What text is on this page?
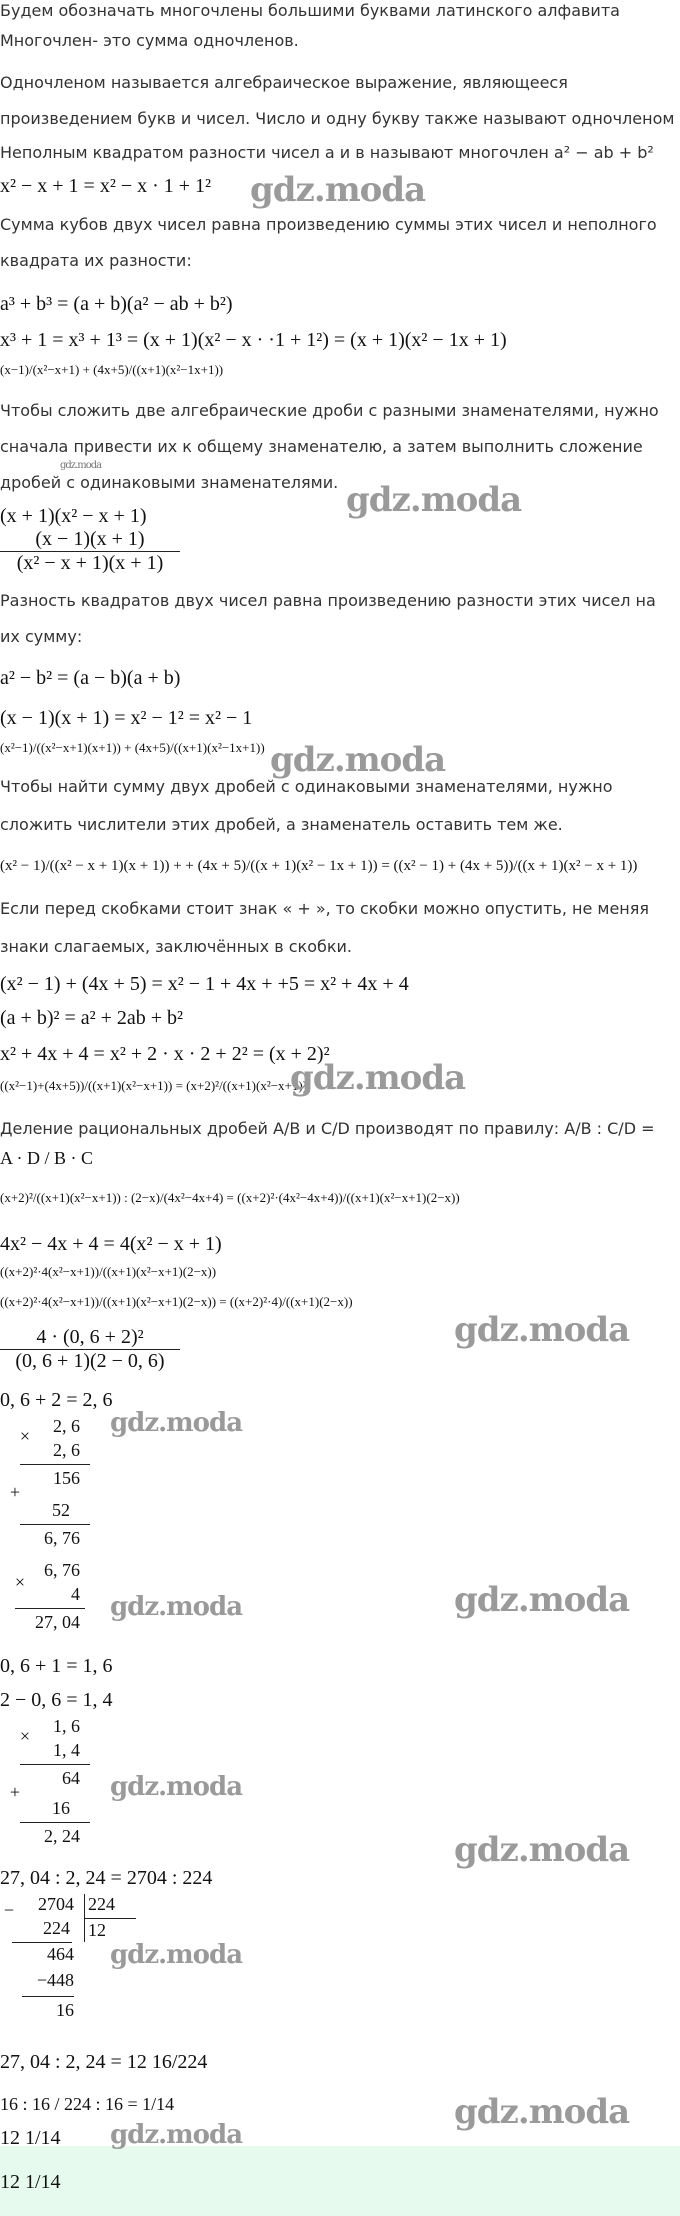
Будем обозначать многочлены большими буквами латинского алфавита
Многочлен- это сумма одночленов.
Одночленом называется алгебраическое выражение, являющееся
произведением букв и чисел. Число и одну букву также называют одночленом
Неполным квадратом разности чисел а и в называют многочлен a² − ab + b²
x² − x + 1 = x² − x · 1 + 1²
Сумма кубов двух чисел равна произведению суммы этих чисел и неполного
квадрата их разности:
a³ + b³ = (a + b)(a² − ab + b²)
x³ + 1 = x³ + 1³ = (x + 1)(x² − x · ·1 + 1²) = (x + 1)(x² − 1x + 1)
(x−1)/(x²−x+1) + (4x+5)/((x+1)(x²−1x+1))
Чтобы сложить две алгебраические дроби с разными знаменателями, нужно
сначала привести их к общему знаменателю, а затем выполнить сложение
дробей с одинаковыми знаменателями.
(x + 1)(x² − x + 1)
(x − 1)(x + 1)
(x² − x + 1)(x + 1)
Разность квадратов двух чисел равна произведению разности этих чисел на
их сумму:
a² − b² = (a − b)(a + b)
(x − 1)(x + 1) = x² − 1² = x² − 1
(x²−1)/((x²−x+1)(x+1)) + (4x+5)/((x+1)(x²−1x+1))
Чтобы найти сумму двух дробей с одинаковыми знаменателями, нужно
сложить числители этих дробей, а знаменатель оставить тем же.
(x² − 1)/((x² − x + 1)(x + 1)) + + (4x + 5)/((x + 1)(x² − 1x + 1)) = ((x² − 1) + (4x + 5))/((x + 1)(x² − x + 1))
Если перед скобками стоит знак « + », то скобки можно опустить, не меняя
знаки слагаемых, заключённых в скобки.
(x² − 1) + (4x + 5) = x² − 1 + 4x + +5 = x² + 4x + 4
(a + b)² = a² + 2ab + b²
x² + 4x + 4 = x² + 2 · x · 2 + 2² = (x + 2)²
((x²−1)+(4x+5))/((x+1)(x²−x+1)) = (x+2)²/((x+1)(x²−x+1))
Деление рациональных дробей A/B и C/D производят по правилу: A/B : C/D =
A · D / B · C
(x+2)²/((x+1)(x²−x+1)) : (2−x)/(4x²−4x+4) = ((x+2)²·(4x²−4x+4))/((x+1)(x²−x+1)(2−x))
4x² − 4x + 4 = 4(x² − x + 1)
((x+2)²·4(x²−x+1))/((x+1)(x²−x+1)(2−x))
((x+2)²·4(x²−x+1))/((x+1)(x²−x+1)(2−x)) = ((x+2)²·4)/((x+1)(2−x))
4 · (0, 6 + 2)²
(0, 6 + 1)(2 − 0, 6)
0, 6 + 2 = 2, 6
2, 6
×
2, 6
156
+
52
6, 76
6, 76
×
4
27, 04
0, 6 + 1 = 1, 6
2 − 0, 6 = 1, 4
1, 6
×
1, 4
64
+
16
2, 24
27, 04 : 2, 24 = 2704 : 224
−	2704 224
12
224
464
−448
16
27, 04 : 2, 24 = 12 16/224
16 : 16 / 224 : 16 = 1/14
12 1/14
12 1/14
gdz.moda
gdz.moda
gdz.moda
gdz.moda
gdz.moda
gdz.moda
gdz.moda
gdz.moda
gdz.moda
gdz.moda
gdz.moda
gdz.moda
gdz.moda
gdz.moda
